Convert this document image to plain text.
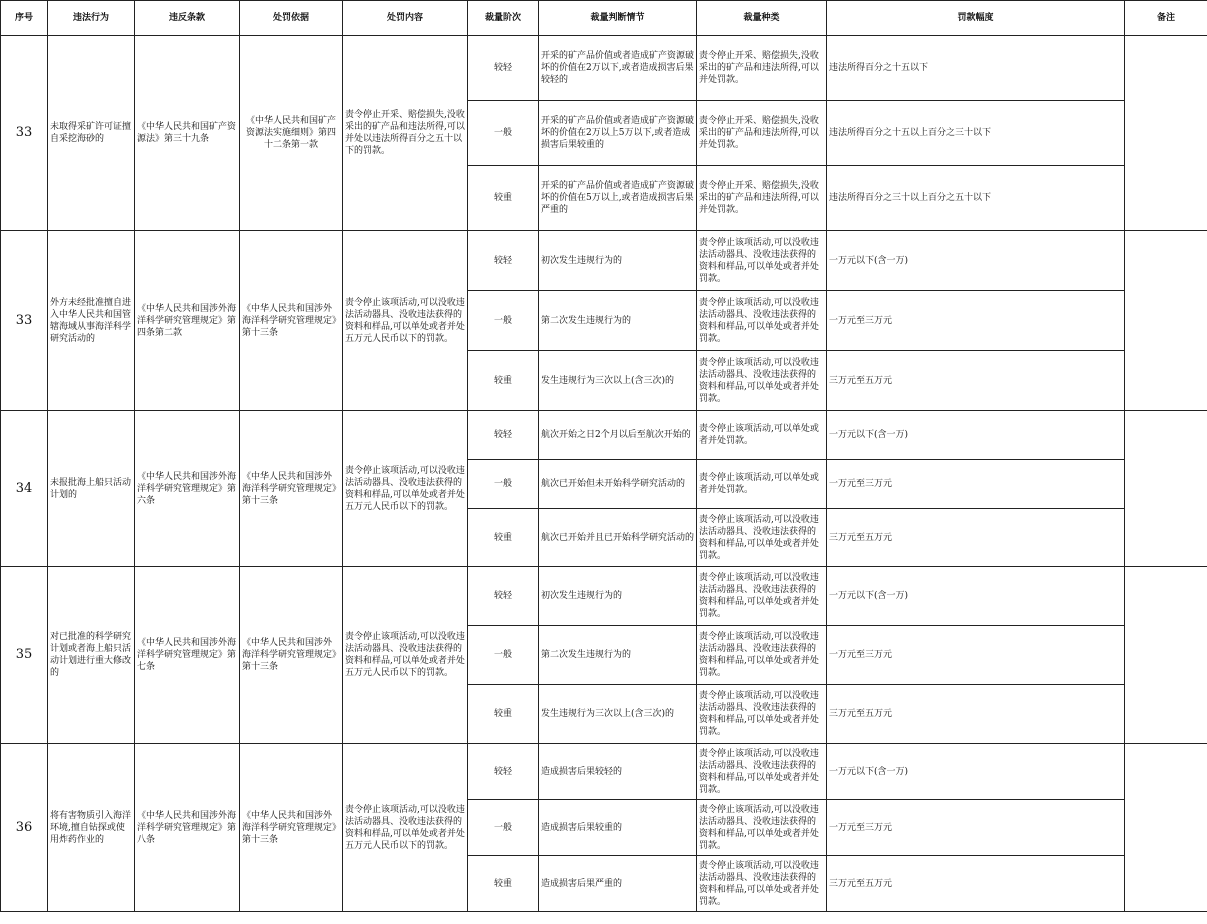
序号	违法行为	违反条款	处罚依据	处罚内容	裁量阶次	裁量判断情节	裁量种类	罚款幅度	备注
33	未取得采矿许可证擅自采挖海砂的	《中华人民共和国矿产资源法》第三十九条	《中华人民共和国矿产资源法实施细则》第四十二条第一款	责令停止开采、赔偿损失,没收采出的矿产品和违法所得,可以并处以违法所得百分之五十以下的罚款。	较轻	开采的矿产品价值或者造成矿产资源破坏的价值在2万以下,或者造成损害后果较轻的	责令停止开采、赔偿损失,没收采出的矿产品和违法所得,可以并处罚款。	违法所得百分之十五以下	
					一般	开采的矿产品价值或者造成矿产资源破坏的价值在2万以上5万以下,或者造成损害后果较重的	责令停止开采、赔偿损失,没收采出的矿产品和违法所得,可以并处罚款。	违法所得百分之十五以上百分之三十以下	
					较重	开采的矿产品价值或者造成矿产资源破坏的价值在5万以上,或者造成损害后果严重的	责令停止开采、赔偿损失,没收采出的矿产品和违法所得,可以并处罚款。	违法所得百分之三十以上百分之五十以下	
33	外方未经批准擅自进入中华人民共和国管辖海域从事海洋科学研究活动的	《中华人民共和国涉外海洋科学研究管理规定》第四条第二款	《中华人民共和国涉外海洋科学研究管理规定》第十三条	责令停止该项活动,可以没收违法活动器具、没收违法获得的资料和样品,可以单处或者并处五万元人民币以下的罚款。	较轻	初次发生违规行为的	责令停止该项活动,可以没收违法活动器具、没收违法获得的资料和样品,可以单处或者并处罚款。	一万元以下(含一万)	
					一般	第二次发生违规行为的	责令停止该项活动,可以没收违法活动器具、没收违法获得的资料和样品,可以单处或者并处罚款。	一万元至三万元	
					较重	发生违规行为三次以上(含三次)的	责令停止该项活动,可以没收违法活动器具、没收违法获得的资料和样品,可以单处或者并处罚款。	三万元至五万元	
34	未报批海上船只活动计划的	《中华人民共和国涉外海洋科学研究管理规定》第六条	《中华人民共和国涉外海洋科学研究管理规定》第十三条	责令停止该项活动,可以没收违法活动器具、没收违法获得的资料和样品,可以单处或者并处五万元人民币以下的罚款。	较轻	航次开始之日2个月以后至航次开始的	责令停止该项活动,可以单处或者并处罚款。	一万元以下(含一万)	
					一般	航次已开始但未开始科学研究活动的	责令停止该项活动,可以单处或者并处罚款。	一万元至三万元	
					较重	航次已开始并且已开始科学研究活动的	责令停止该项活动,可以没收违法活动器具、没收违法获得的资料和样品,可以单处或者并处罚款。	三万元至五万元	
35	对已批准的科学研究计划或者海上船只活动计划进行重大修改的	《中华人民共和国涉外海洋科学研究管理规定》第七条	《中华人民共和国涉外海洋科学研究管理规定》第十三条	责令停止该项活动,可以没收违法活动器具、没收违法获得的资料和样品,可以单处或者并处五万元人民币以下的罚款。	较轻	初次发生违规行为的	责令停止该项活动,可以没收违法活动器具、没收违法获得的资料和样品,可以单处或者并处罚款。	一万元以下(含一万)	
					一般	第二次发生违规行为的	责令停止该项活动,可以没收违法活动器具、没收违法获得的资料和样品,可以单处或者并处罚款。	一万元至三万元	
					较重	发生违规行为三次以上(含三次)的	责令停止该项活动,可以没收违法活动器具、没收违法获得的资料和样品,可以单处或者并处罚款。	三万元至五万元	
36	将有害物质引入海洋环境,擅自钻探或使用炸药作业的	《中华人民共和国涉外海洋科学研究管理规定》第八条	《中华人民共和国涉外海洋科学研究管理规定》第十三条	责令停止该项活动,可以没收违法活动器具、没收违法获得的资料和样品,可以单处或者并处五万元人民币以下的罚款。	较轻	造成损害后果较轻的	责令停止该项活动,可以没收违法活动器具、没收违法获得的资料和样品,可以单处或者并处罚款。	一万元以下(含一万)	
					一般	造成损害后果较重的	责令停止该项活动,可以没收违法活动器具、没收违法获得的资料和样品,可以单处或者并处罚款。	一万元至三万元	
					较重	造成损害后果严重的	责令停止该项活动,可以没收违法活动器具、没收违法获得的资料和样品,可以单处或者并处罚款。	三万元至五万元	
